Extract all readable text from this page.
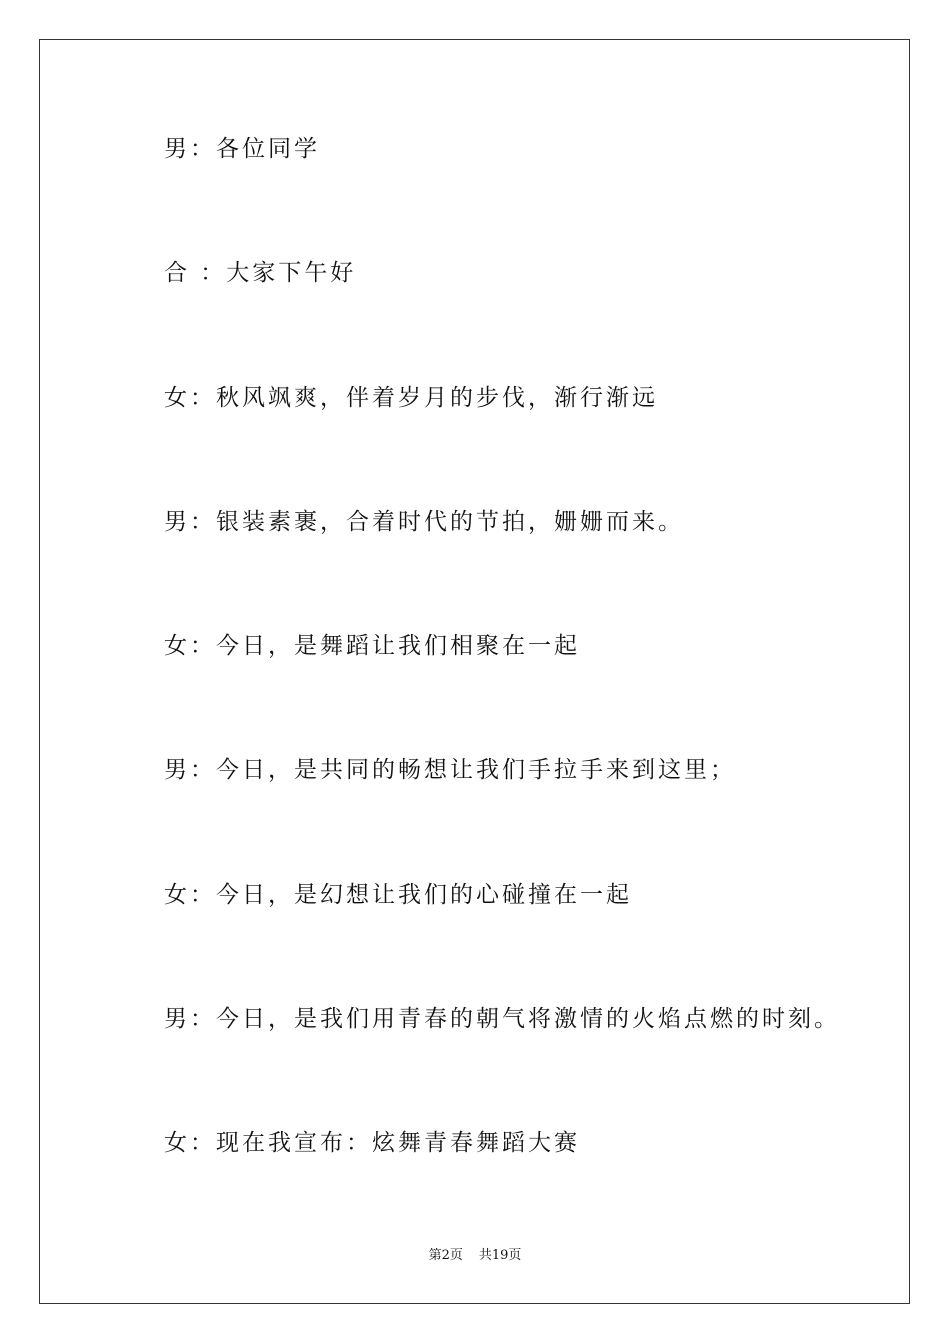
男：各位同学
合 ：大家下午好
女：秋风飒爽，伴着岁月的步伐，渐行渐远
男：银装素裹，合着时代的节拍，姗姗而来。
女：今日，是舞蹈让我们相聚在一起
男：今日，是共同的畅想让我们手拉手来到这里；
女：今日，是幻想让我们的心碰撞在一起
男：今日，是我们用青春的朝气将激情的火焰点燃的时刻。
女：现在我宣布：炫舞青春舞蹈大赛
第2页 共19页
